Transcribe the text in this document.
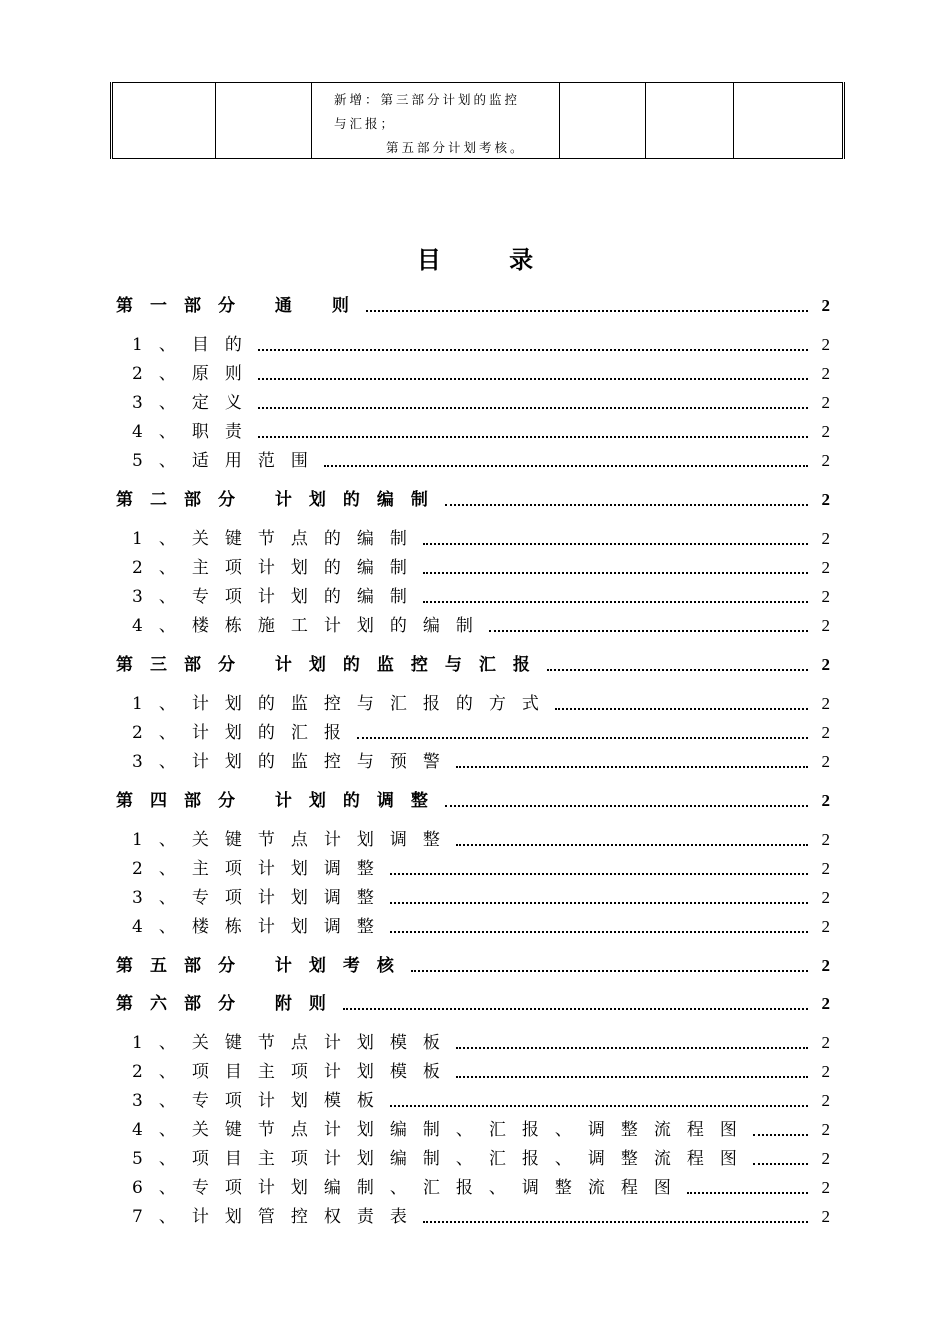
新增：第三部分计划的监控
与汇报；
第五部分计划考核。

目 录
第一部分 通 则	2
1、目的	2
2、原则	2
3、定义	2
4、职责	2
5、适用范围	2
第二部分 计划的编制	2
1、关键节点的编制	2
2、主项计划的编制	2
3、专项计划的编制	2
4、楼栋施工计划的编制	2
第三部分 计划的监控与汇报	2
1、计划的监控与汇报的方式	2
2、计划的汇报	2
3、计划的监控与预警	2
第四部分 计划的调整	2
1、关键节点计划调整	2
2、主项计划调整	2
3、专项计划调整	2
4、楼栋计划调整	2
第五部分 计划考核	2
第六部分 附则	2
1、关键节点计划模板	2
2、项目主项计划模板	2
3、专项计划模板	2
4、关键节点计划编制、汇报、调整流程图	2
5、项目主项计划编制、汇报、调整流程图	2
6、专项计划编制、汇报、调整流程图	2
7、计划管控权责表	2
